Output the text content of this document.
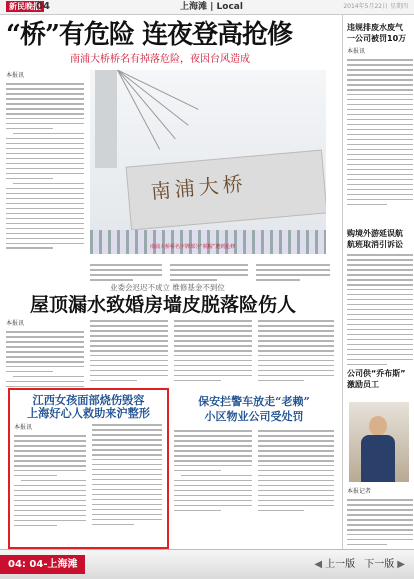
新民晚报
04	上海滩 | Local	2014年5月22日 星期四
“桥”有危险 连夜登高抢修
南浦大桥桥名有掉落危险，夜因台风造成
本报讯
南浦大桥
南浦大桥桥名字牌部分“脱帽”遭到抢修
业委会迟迟不成立 维修基金不到位
屋顶漏水致婚房墙皮脱落险伤人
本报讯
江西女孩面部烧伤毁容
上海好心人救助来沪整形
本报讯
保安拦警车放走“老赖”
小区物业公司受处罚
违规排废水废气
一公司被罚10万
本报讯
购境外游延误航
航班取消引诉讼
公司供“乔布斯”
激励员工
本报记者
04: 04-上海滩	◀ 上一版 下一版 ▶
